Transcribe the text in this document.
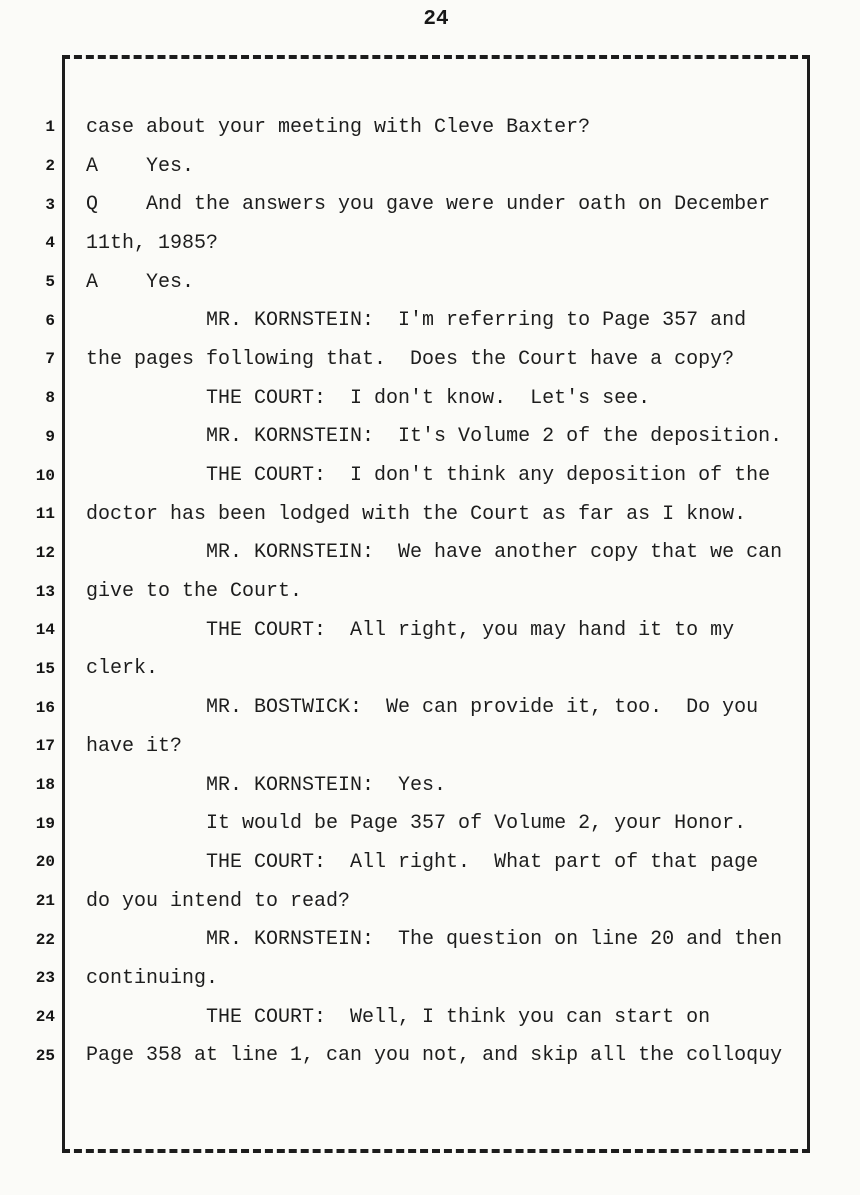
24
1 case about your meeting with Cleve Baxter?
2 A    Yes.
3 Q    And the answers you gave were under oath on December
4 11th, 1985?
5 A    Yes.
6 MR. KORNSTEIN:  I'm referring to Page 357 and
7 the pages following that.  Does the Court have a copy?
8 THE COURT:  I don't know.  Let's see.
9 MR. KORNSTEIN:  It's Volume 2 of the deposition.
10 THE COURT:  I don't think any deposition of the
11 doctor has been lodged with the Court as far as I know.
12 MR. KORNSTEIN:  We have another copy that we can
13 give to the Court.
14 THE COURT:  All right, you may hand it to my
15 clerk.
16 MR. BOSTWICK:  We can provide it, too.  Do you
17 have it?
18 MR. KORNSTEIN:  Yes.
19 It would be Page 357 of Volume 2, your Honor.
20 THE COURT:  All right.  What part of that page
21 do you intend to read?
22 MR. KORNSTEIN:  The question on line 20 and then
23 continuing.
24 THE COURT:  Well, I think you can start on
25 Page 358 at line 1, can you not, and skip all the colloquy
